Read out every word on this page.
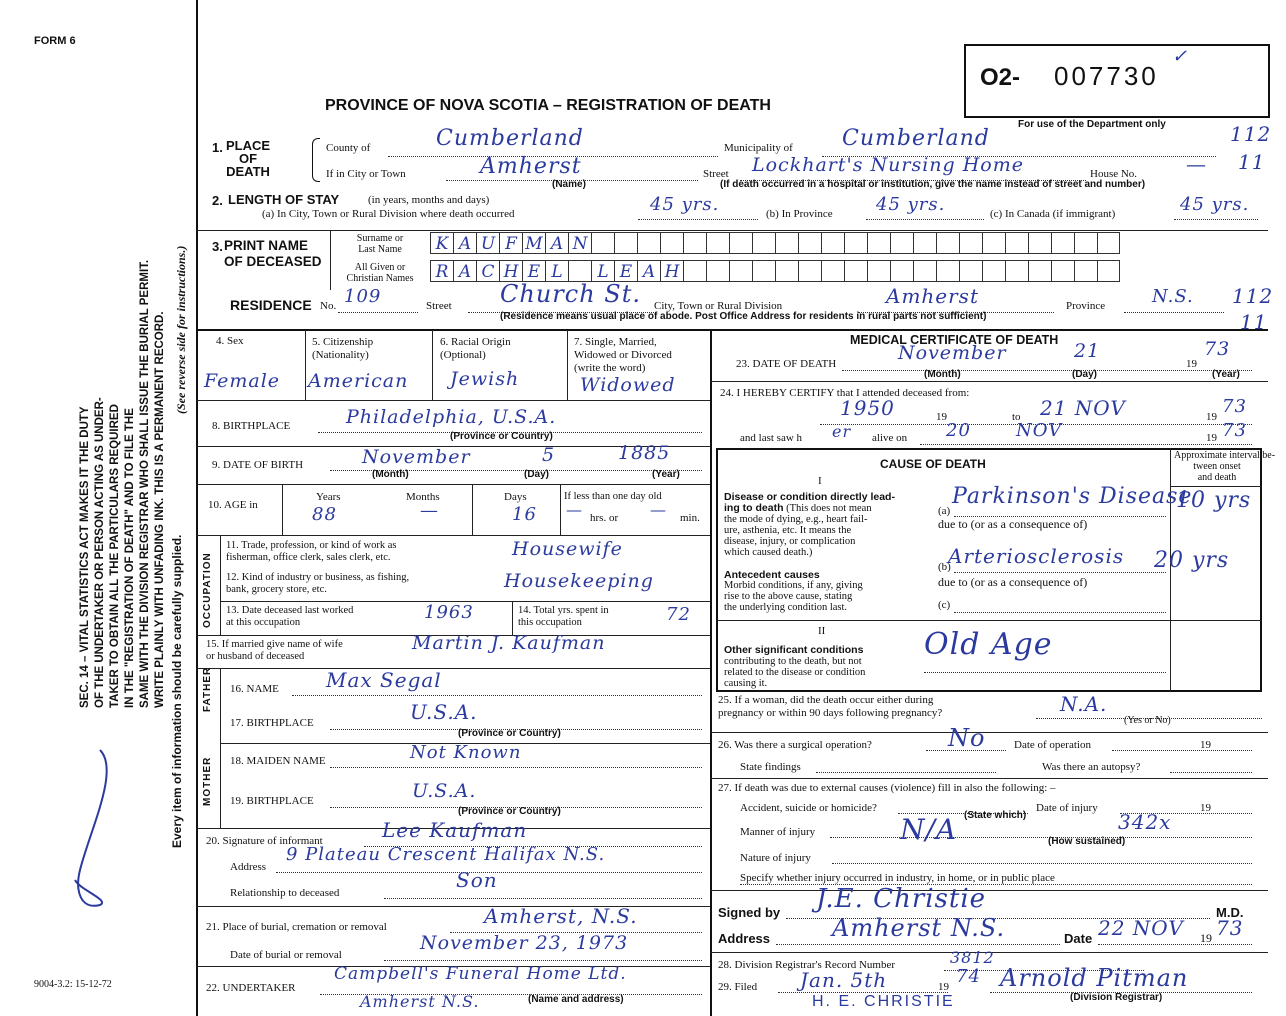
FORM 6
O2- 007730
✓
PROVINCE OF NOVA SCOTIA – REGISTRATION OF DEATH
For use of the Department only	112
11
112
11
SEC. 14 – VITAL STATISTICS ACT MAKES IT THE DUTY OF THE UNDERTAKER OR PERSON ACTING AS UNDER- TAKER TO OBTAIN ALL THE PARTICULARS REQUIRED IN THE "REGISTRATION OF DEATH" AND TO FILE THE SAME WITH THE DIVISION REGISTRAR WHO SHALL ISSUE THE BURIAL PERMIT. WRITE PLAINLY WITH UNFADING INK. THIS IS A PERMANENT RECORD. Every item of information should be carefully supplied.
(See reverse side for instructions.)
9004-3.2: 15-12-72
1. PLACE
OF
DEATH
County of	Cumberland	Municipality of Cumberland
If in City or Town	Amherst
(Name)
Street Lockhart's Nursing Home	House No. —
(If death occurred in a hospital or institution, give the name instead of street and number)
2. LENGTH OF STAY	(in years, months and days)
(a) In City, Town or Rural Division where death occurred	45 yrs.	(b) In Province 45 yrs.	(c) In Canada (if immigrant)	45 yrs.
3. PRINT NAME
OF DECEASED
Surname or
Last Name
All Given or
Christian Names
K A U F M A N
R A C H E L	L E A H
RESIDENCE No. 109	Street Church St. City, Town or Rural Division	Amherst	Province	N.S.
(Residence means usual place of abode. Post Office Address for residents in rural parts not sufficient)
4. Sex
Female
5. Citizenship
(Nationality)
American
6. Racial Origin
(Optional)
Jewish
7. Single, Married,
Widowed or Divorced
(write the word)
Widowed
8. BIRTHPLACE	Philadelphia, U.S.A.
(Province or Country)
9. DATE OF BIRTH	November	5	1885
(Month)	(Day)	(Year)
10. AGE in
Years
88
Months
—
Days
16
If less than one day old
— hrs. or — min.
OCCUPATION
11. Trade, profession, or kind of work as
fisherman, office clerk, sales clerk, etc.	Housewife
12. Kind of industry or business, as fishing,
bank, grocery store, etc.	Housekeeping
13. Date deceased last worked
at this occupation	1963	14. Total yrs. spent in
this occupation	72
15. If married give name of wife
or husband of deceased
Martin J. Kaufman
FATHER 16. NAME Max Segal
17. BIRTHPLACE	U.S.A.
(Province or Country)
MOTHER 18. MAIDEN NAME	Not Known
19. BIRTHPLACE	U.S.A.
(Province or Country)
20. Signature of informant	Lee Kaufman
Address
9 Plateau Crescent Halifax N.S.
Relationship to deceased
Son
21. Place of burial, cremation or removal	Amherst, N.S.
Date of burial or removal
November 23, 1973
22. UNDERTAKER
Campbell's Funeral Home Ltd.
(Name and address)
Amherst N.S.
MEDICAL CERTIFICATE OF DEATH
23. DATE OF DEATH	November	21
19
73
(Month)	(Day)	(Year)
24. I HEREBY CERTIFY that I attended deceased from:
1950	19	to 21 NOV	19 73
and last saw h er alive on 20	NOV	19 73
CAUSE OF DEATH
Approximate interval be-
tween onset
and death
I
Disease or condition directly lead-
ing to death (This does not mean
the mode of dying, e.g., heart fail-
ure, asthenia, etc. It means the
disease, injury, or complication
which caused death.)
(a)
Parkinson's Disease
10 yrs
due to (or as a consequence of)
Antecedent causes
Morbid conditions, if any, giving
rise to the above cause, stating
the underlying condition last.
(b)
Arteriosclerosis 20 yrs
due to (or as a consequence of)
(c)
II
Other significant conditions
contributing to the death, but not
related to the disease or condition
causing it.
Old Age
25. If a woman, did the death occur either during
pregnancy or within 90 days following pregnancy?	N.A.
(Yes or No)
26. Was there a surgical operation?	No	Date of operation	19
State findings	Was there an autopsy?
27. If death was due to external causes (violence) fill in also the following: –
Accident, suicide or homicide?	Date of injury	19
Manner of injury
(State which)
N/A	342x
(How sustained)
Nature of injury
Specify whether injury occurred in industry, in home, or in public place
Signed by J.E. Christie	M.D.
Address	Amherst N.S.	Date 22 NOV 19 73
28. Division Registrar's Record Number	3812
29. Filed Jan. 5th	19 74 Arnold Pitman
(Division Registrar)
H. E. CHRISTIE
